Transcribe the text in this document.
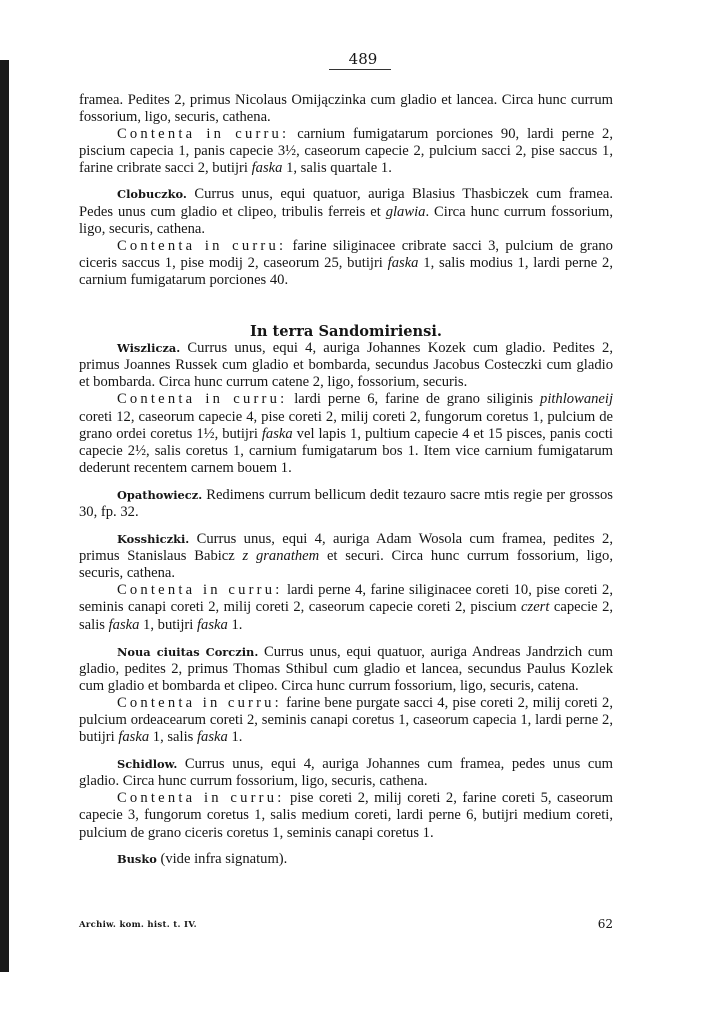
489

framea. Pedites 2, primus Nicolaus Omijączinka cum gladio et lancea. Circa hunc currum fossorium, ligo, securis, cathena.

Contenta in curru: carnium fumigatarum porciones 90, lardi perne 2, piscium capecia 1, panis capecie 3½, caseorum capecie 2, pulcium sacci 2, pise saccus 1, farine cribrate sacci 2, butijri faska 1, salis quartale 1.

Clobuczko. Currus unus, equi quatuor, auriga Blasius Thasbiczek cum framea. Pedes unus cum gladio et clipeo, tribulis ferreis et glawia. Circa hunc currum fossorium, ligo, securis, cathena.

Contenta in curru: farine siliginacee cribrate sacci 3, pulcium de grano ciceris saccus 1, pise modij 2, caseorum 25, butijri faska 1, salis modius 1, lardi perne 2, carnium fumigatarum porciones 40.

In terra Sandomiriensi.

Wiszlicza. Currus unus, equi 4, auriga Johannes Kozek cum gladio. Pedites 2, primus Joannes Russek cum gladio et bombarda, secundus Jacobus Costeczki cum gladio et bombarda. Circa hunc currum catene 2, ligo, fossorium, securis.

Contenta in curru: lardi perne 6, farine de grano siliginis pithlowaneij coreti 12, caseorum capecie 4, pise coreti 2, milij coreti 2, fungorum coretus 1, pulcium de grano ordei coretus 1½, butijri faska vel lapis 1, pultium capecie 4 et 15 pisces, panis cocti capecie 2½, salis coretus 1, carnium fumigatarum bos 1. Item vice carnium fumigatarum dederunt recentem carnem bouem 1.

Opathowiecz. Redimens currum bellicum dedit tezauro sacre mtis regie per grossos 30, fp. 32.

Kosshiczki. Currus unus, equi 4, auriga Adam Wosola cum framea, pedites 2, primus Stanislaus Babicz z granathem et securi. Circa hunc currum fossorium, ligo, securis, cathena.

Contenta in curru: lardi perne 4, farine siliginacee coreti 10, pise coreti 2, seminis canapi coreti 2, milij coreti 2, caseorum capecie coreti 2, piscium czert capecie 2, salis faska 1, butijri faska 1.

Noua ciuitas Corczin. Currus unus, equi quatuor, auriga Andreas Jandrzich cum gladio, pedites 2, primus Thomas Sthibul cum gladio et lancea, secundus Paulus Kozlek cum gladio et bombarda et clipeo. Circa hunc currum fossorium, ligo, securis, catena.

Contenta in curru: farine bene purgate sacci 4, pise coreti 2, milij coreti 2, pulcium ordeacearum coreti 2, seminis canapi coretus 1, caseorum capecia 1, lardi perne 2, butijri faska 1, salis faska 1.

Schidlow. Currus unus, equi 4, auriga Johannes cum framea, pedes unus cum gladio. Circa hunc currum fossorium, ligo, securis, cathena.

Contenta in curru: pise coreti 2, milij coreti 2, farine coreti 5, caseorum capecie 3, fungorum coretus 1, salis medium coreti, lardi perne 6, butijri medium coreti, pulcium de grano ciceris coretus 1, seminis canapi coretus 1.

Busko (vide infra signatum).

Archiw. kom. hist. t. IV.	62
